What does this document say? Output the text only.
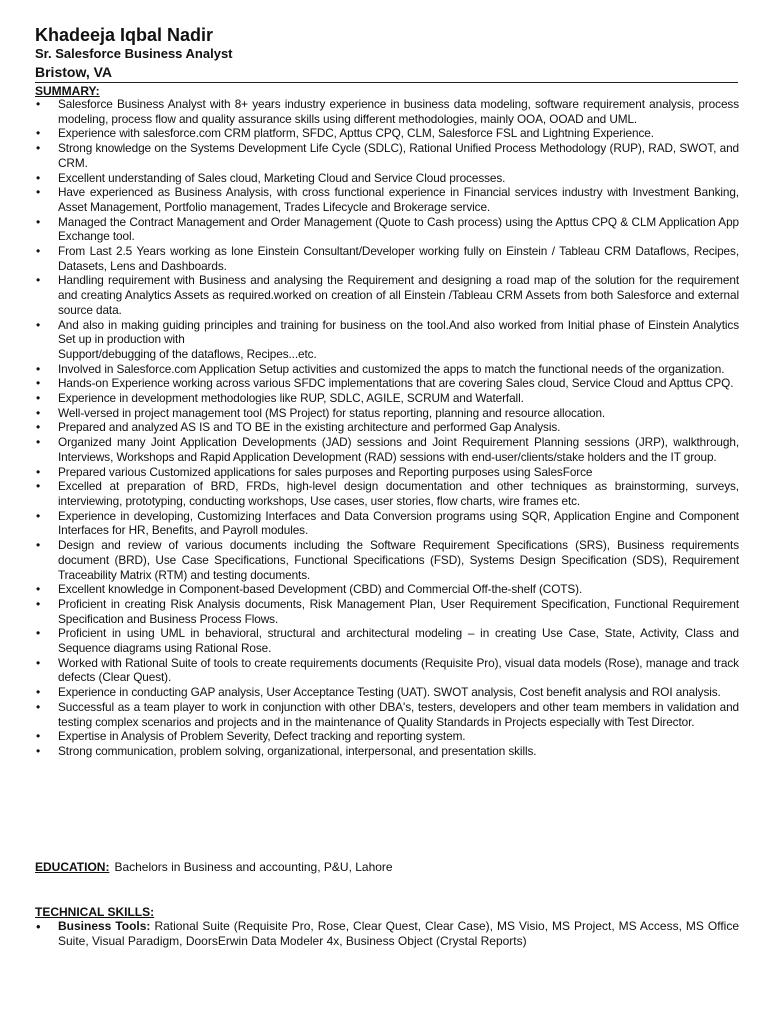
Khadeeja Iqbal Nadir
Sr. Salesforce Business Analyst
Bristow, VA
SUMMARY:
• Salesforce Business Analyst with 8+ years industry experience in business data modeling, software requirement analysis, process modeling, process flow and quality assurance skills using different methodologies, mainly OOA, OOAD and UML.
• Experience with salesforce.com CRM platform, SFDC, Apttus CPQ, CLM, Salesforce FSL and Lightning Experience.
• Strong knowledge on the Systems Development Life Cycle (SDLC), Rational Unified Process Methodology (RUP), RAD, SWOT, and CRM.
• Excellent understanding of Sales cloud, Marketing Cloud and Service Cloud processes.
• Have experienced as Business Analysis, with cross functional experience in Financial services industry with Investment Banking, Asset Management, Portfolio management, Trades Lifecycle and Brokerage service.
• Managed the Contract Management and Order Management (Quote to Cash process) using the Apttus CPQ & CLM Application App Exchange tool.
• From Last 2.5 Years working as lone Einstein Consultant/Developer working fully on Einstein / Tableau CRM Dataflows, Recipes, Datasets, Lens and Dashboards.
• Handling requirement with Business and analysing the Requirement and designing a road map of the solution for the requirement and creating Analytics Assets as required.worked on creation of all Einstein /Tableau CRM Assets from both Salesforce and external source data.
• And also in making guiding principles and training for business on the tool.And also worked from Initial phase of Einstein Analytics Set up in production with
Support/debugging of the dataflows, Recipes...etc.
• Involved in Salesforce.com Application Setup activities and customized the apps to match the functional needs of the organization.
• Hands-on Experience working across various SFDC implementations that are covering Sales cloud, Service Cloud and Apttus CPQ.
• Experience in development methodologies like RUP, SDLC, AGILE, SCRUM and Waterfall.
• Well-versed in project management tool (MS Project) for status reporting, planning and resource allocation.
• Prepared and analyzed AS IS and TO BE in the existing architecture and performed Gap Analysis.
• Organized many Joint Application Developments (JAD) sessions and Joint Requirement Planning sessions (JRP), walkthrough, Interviews, Workshops and Rapid Application Development (RAD) sessions with end-user/clients/stake holders and the IT group.
• Prepared various Customized applications for sales purposes and Reporting purposes using SalesForce
• Excelled at preparation of BRD, FRDs, high-level design documentation and other techniques as brainstorming, surveys, interviewing, prototyping, conducting workshops, Use cases, user stories, flow charts, wire frames etc.
• Experience in developing, Customizing Interfaces and Data Conversion programs using SQR, Application Engine and Component Interfaces for HR, Benefits, and Payroll modules.
• Design and review of various documents including the Software Requirement Specifications (SRS), Business requirements document (BRD), Use Case Specifications, Functional Specifications (FSD), Systems Design Specification (SDS), Requirement Traceability Matrix (RTM) and testing documents.
• Excellent knowledge in Component-based Development (CBD) and Commercial Off-the-shelf (COTS).
• Proficient in creating Risk Analysis documents, Risk Management Plan, User Requirement Specification, Functional Requirement Specification and Business Process Flows.
• Proficient in using UML in behavioral, structural and architectural modeling – in creating Use Case, State, Activity, Class and Sequence diagrams using Rational Rose.
• Worked with Rational Suite of tools to create requirements documents (Requisite Pro), visual data models (Rose), manage and track defects (Clear Quest).
• Experience in conducting GAP analysis, User Acceptance Testing (UAT). SWOT analysis, Cost benefit analysis and ROI analysis.
• Successful as a team player to work in conjunction with other DBA's, testers, developers and other team members in validation and testing complex scenarios and projects and in the maintenance of Quality Standards in Projects especially with Test Director.
• Expertise in Analysis of Problem Severity, Defect tracking and reporting system.
• Strong communication, problem solving, organizational, interpersonal, and presentation skills.
EDUCATION: Bachelors in Business and accounting, P&U, Lahore
TECHNICAL SKILLS:
• Business Tools: Rational Suite (Requisite Pro, Rose, Clear Quest, Clear Case), MS Visio, MS Project, MS Access, MS Office Suite, Visual Paradigm, DoorsErwin Data Modeler 4x, Business Object (Crystal Reports)
